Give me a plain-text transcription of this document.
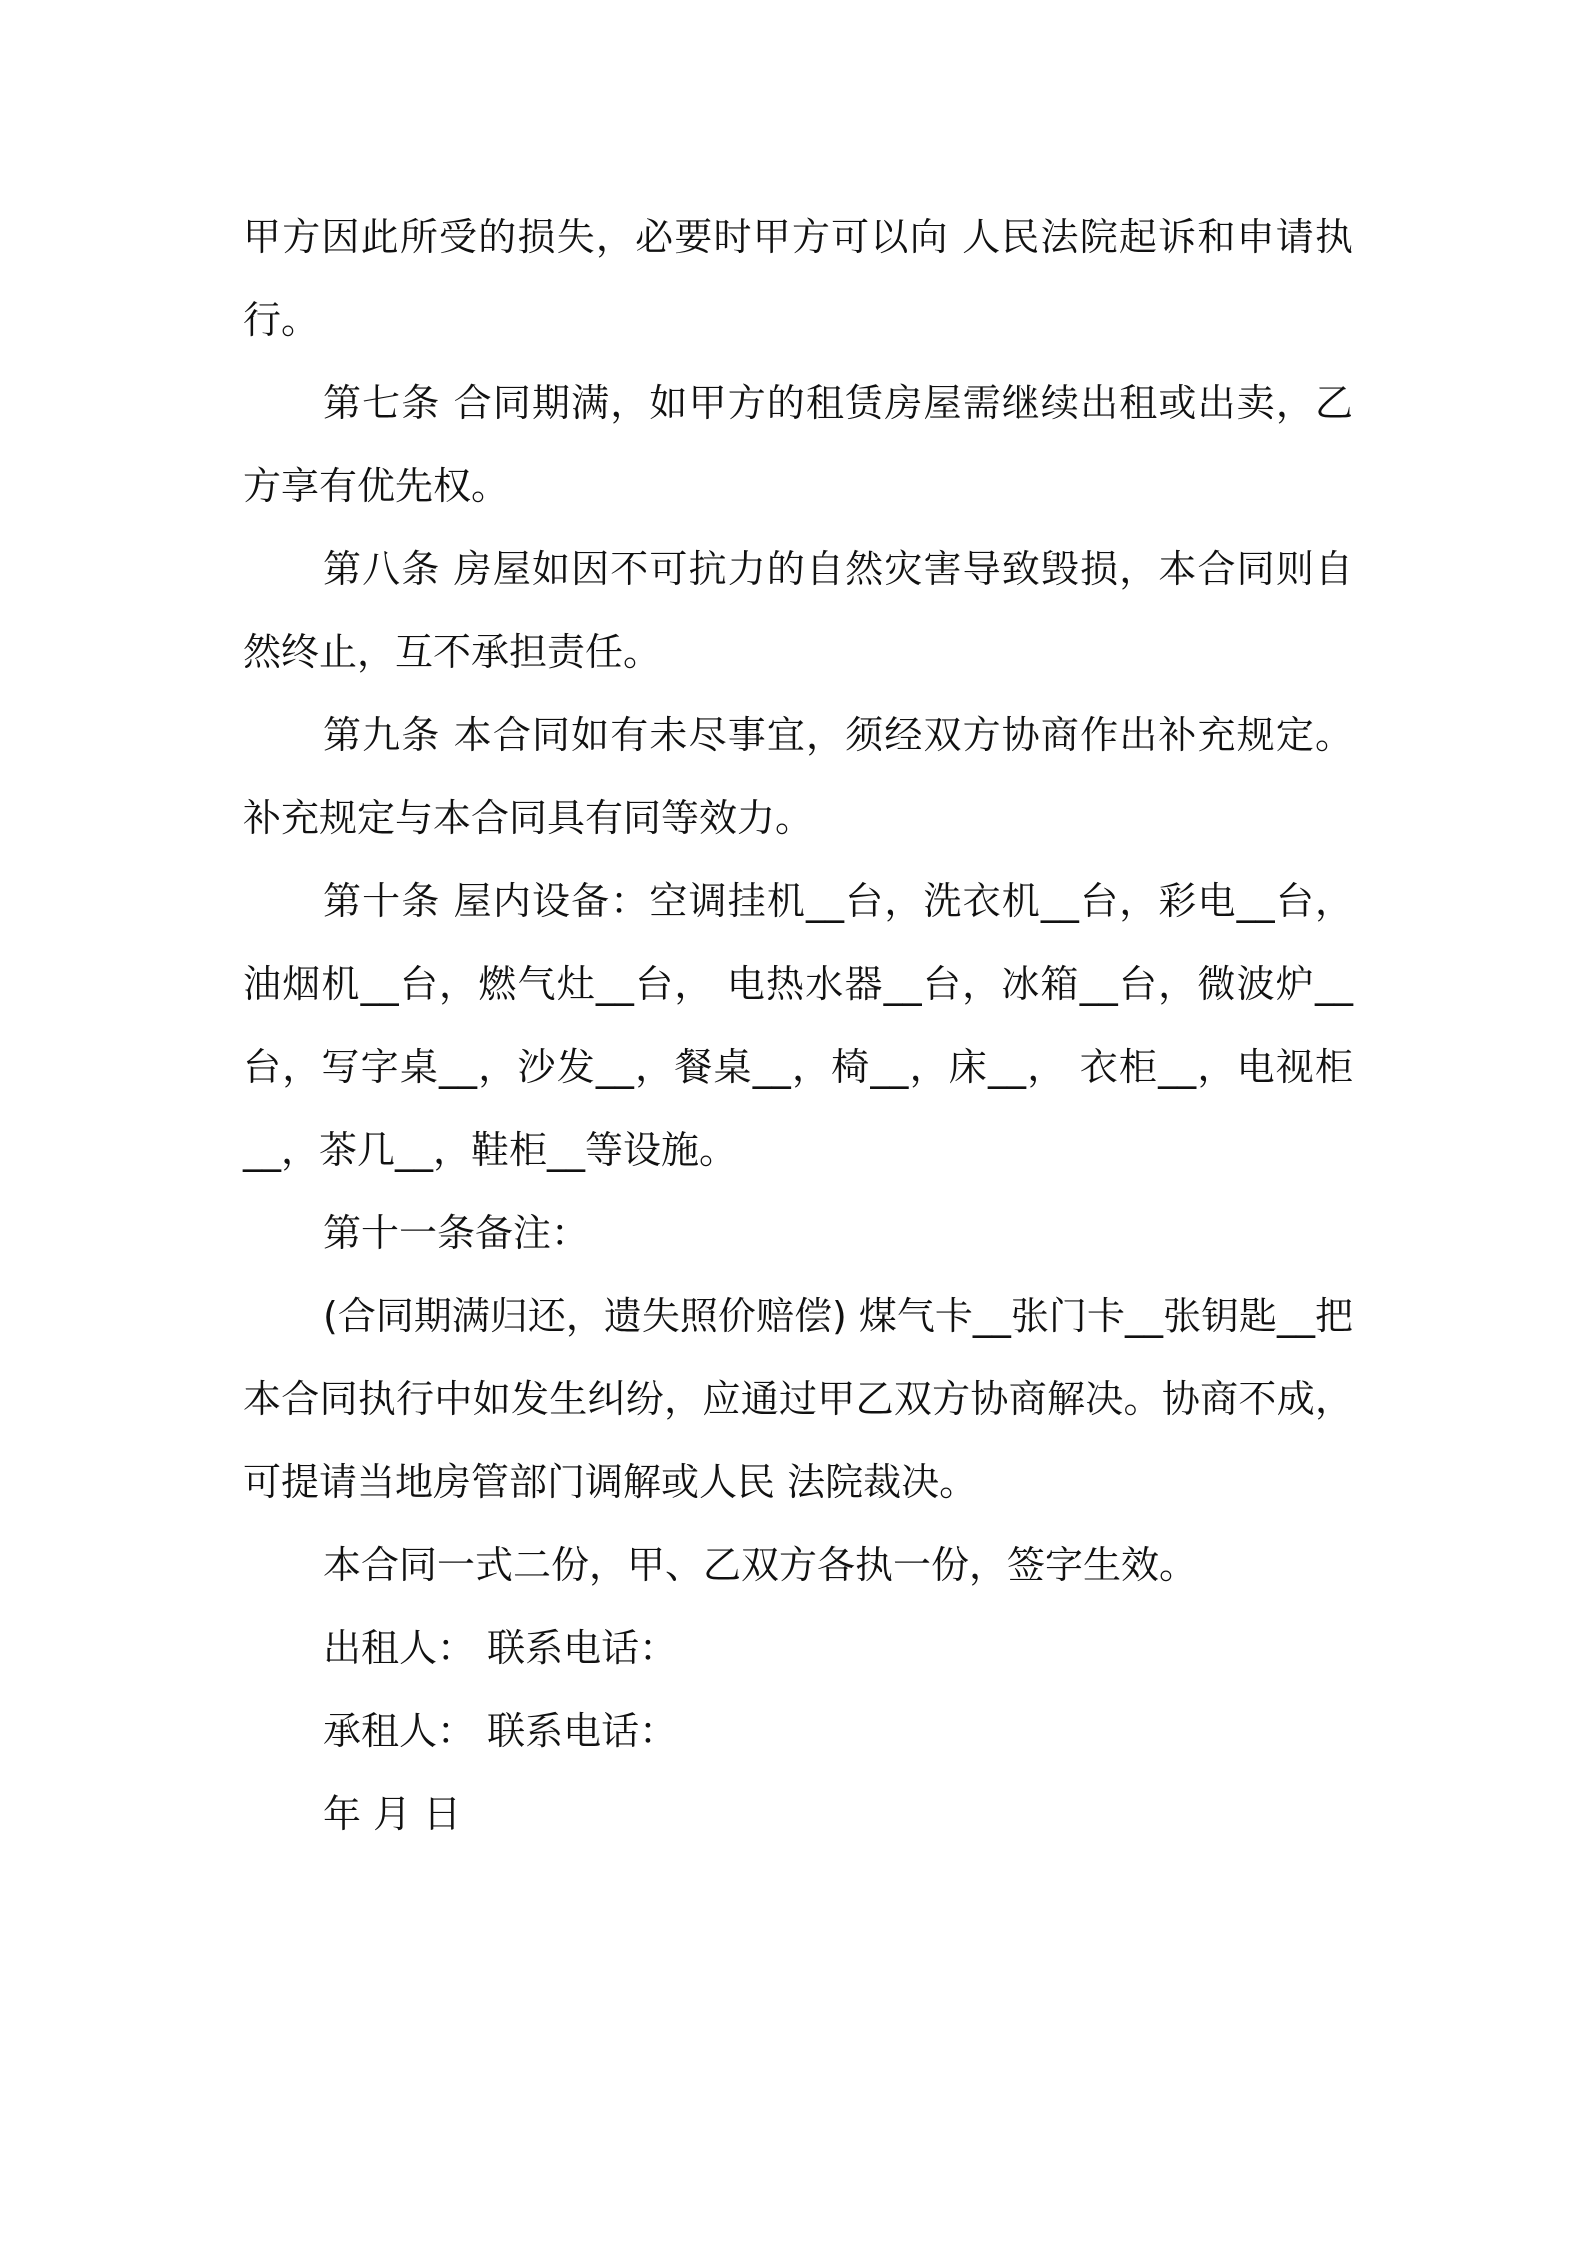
甲方因此所受的损失，必要时甲方可以向 人民法院起诉和申请执行。

第七条 合同期满，如甲方的租赁房屋需继续出租或出卖，乙方享有优先权。

第八条 房屋如因不可抗力的自然灾害导致毁损，本合同则自然终止，互不承担责任。

第九条 本合同如有未尽事宜，须经双方协商作出补充规定。补充规定与本合同具有同等效力。

第十条 屋内设备：空调挂机__台，洗衣机__台，彩电__台，油烟机__台，燃气灶__台， 电热水器__台，冰箱__台，微波炉__台，写字桌__，沙发__，餐桌__，椅__，床__， 衣柜__，电视柜__，茶几__，鞋柜__等设施。

第十一条备注：

(合同期满归还，遗失照价赔偿) 煤气卡__张门卡__张钥匙__把 本合同执行中如发生纠纷，应通过甲乙双方协商解决。协商不成，可提请当地房管部门调解或人民 法院裁决。

本合同一式二份，甲、乙双方各执一份，签字生效。

出租人： 联系电话：

承租人： 联系电话：

年 月 日
